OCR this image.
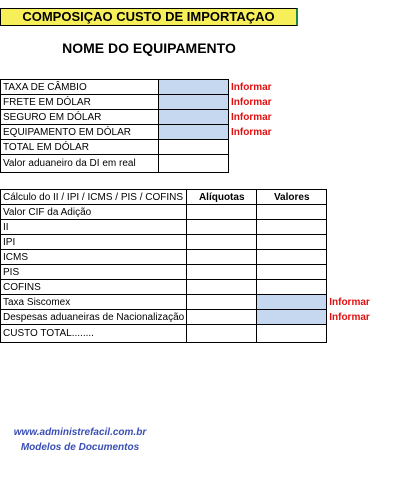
COMPOSIÇAO CUSTO DE IMPORTAÇAO
NOME DO EQUIPAMENTO
TAXA DE CÂMBIO		Informar
FRETE EM DÓLAR		Informar
SEGURO EM DÓLAR		Informar
EQUIPAMENTO EM DÓLAR		Informar
TOTAL EM DÓLAR		
Valor aduaneiro da DI em real		
Cálculo do II / IPI / ICMS / PIS / COFINS	Alíquotas	Valores	
Valor CIF da Adição			
II			
IPI			
ICMS			
PIS			
COFINS			
Taxa Siscomex			Informar
Despesas aduaneiras de Nacionalização			Informar
CUSTO TOTAL........			
www.administrefacil.com.br
Modelos de Documentos
